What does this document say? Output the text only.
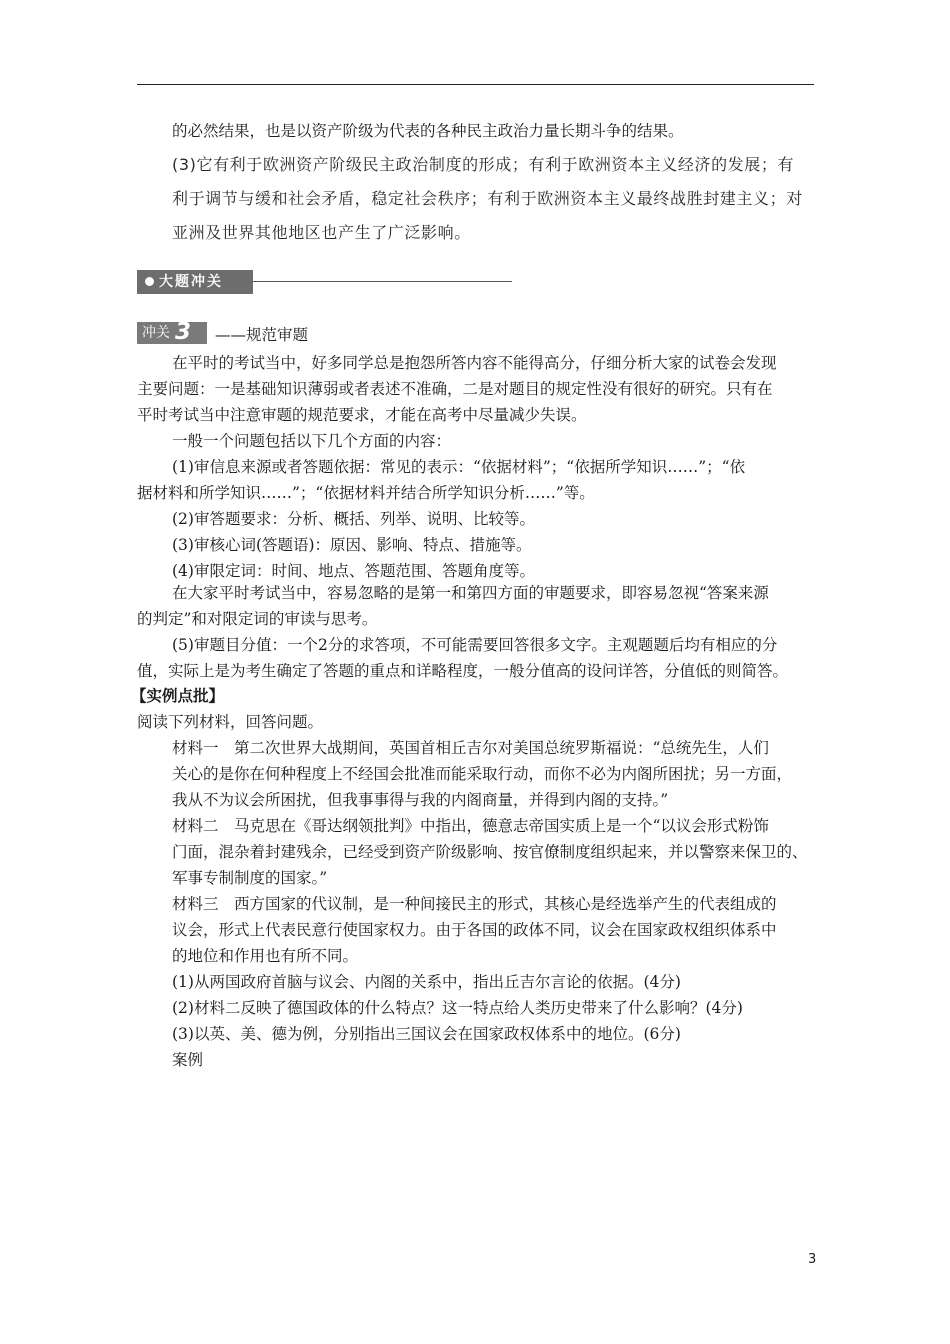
的必然结果，也是以资产阶级为代表的各种民主政治力量长期斗争的结果。
(3)它有利于欧洲资产阶级民主政治制度的形成；有利于欧洲资本主义经济的发展；有
利于调节与缓和社会矛盾，稳定社会秩序；有利于欧洲资本主义最终战胜封建主义；对
亚洲及世界其他地区也产生了广泛影响。
大题冲关
冲关 3 ——规范审题
在平时的考试当中，好多同学总是抱怨所答内容不能得高分，仔细分析大家的试卷会发现
主要问题：一是基础知识薄弱或者表述不准确，二是对题目的规定性没有很好的研究。只有在
平时考试当中注意审题的规范要求，才能在高考中尽量减少失误。
一般一个问题包括以下几个方面的内容：
(1)审信息来源或者答题依据：常见的表示：“依据材料”；“依据所学知识……”；“依
据材料和所学知识……”；“依据材料并结合所学知识分析……”等。
(2)审答题要求：分析、概括、列举、说明、比较等。
(3)审核心词(答题语)：原因、影响、特点、措施等。
(4)审限定词：时间、地点、答题范围、答题角度等。
在大家平时考试当中，容易忽略的是第一和第四方面的审题要求，即容易忽视“答案来源
的判定”和对限定词的审读与思考。
(5)审题目分值：一个2分的求答项，不可能需要回答很多文字。主观题题后均有相应的分
值，实际上是为考生确定了答题的重点和详略程度，一般分值高的设问详答，分值低的则简答。
【实例点批】
阅读下列材料，回答问题。
材料一　第二次世界大战期间，英国首相丘吉尔对美国总统罗斯福说：“总统先生，人们
关心的是你在何种程度上不经国会批准而能采取行动，而你不必为内阁所困扰；另一方面，
我从不为议会所困扰，但我事事得与我的内阁商量，并得到内阁的支持。”
材料二　马克思在《哥达纲领批判》中指出，德意志帝国实质上是一个“以议会形式粉饰
门面，混杂着封建残余，已经受到资产阶级影响、按官僚制度组织起来，并以警察来保卫的、
军事专制制度的国家。”
材料三　西方国家的代议制，是一种间接民主的形式，其核心是经选举产生的代表组成的
议会，形式上代表民意行使国家权力。由于各国的政体不同，议会在国家政权组织体系中
的地位和作用也有所不同。
(1)从两国政府首脑与议会、内阁的关系中，指出丘吉尔言论的依据。(4分)
(2)材料二反映了德国政体的什么特点？这一特点给人类历史带来了什么影响？(4分)
(3)以英、美、德为例，分别指出三国议会在国家政权体系中的地位。(6分)
案例
3
